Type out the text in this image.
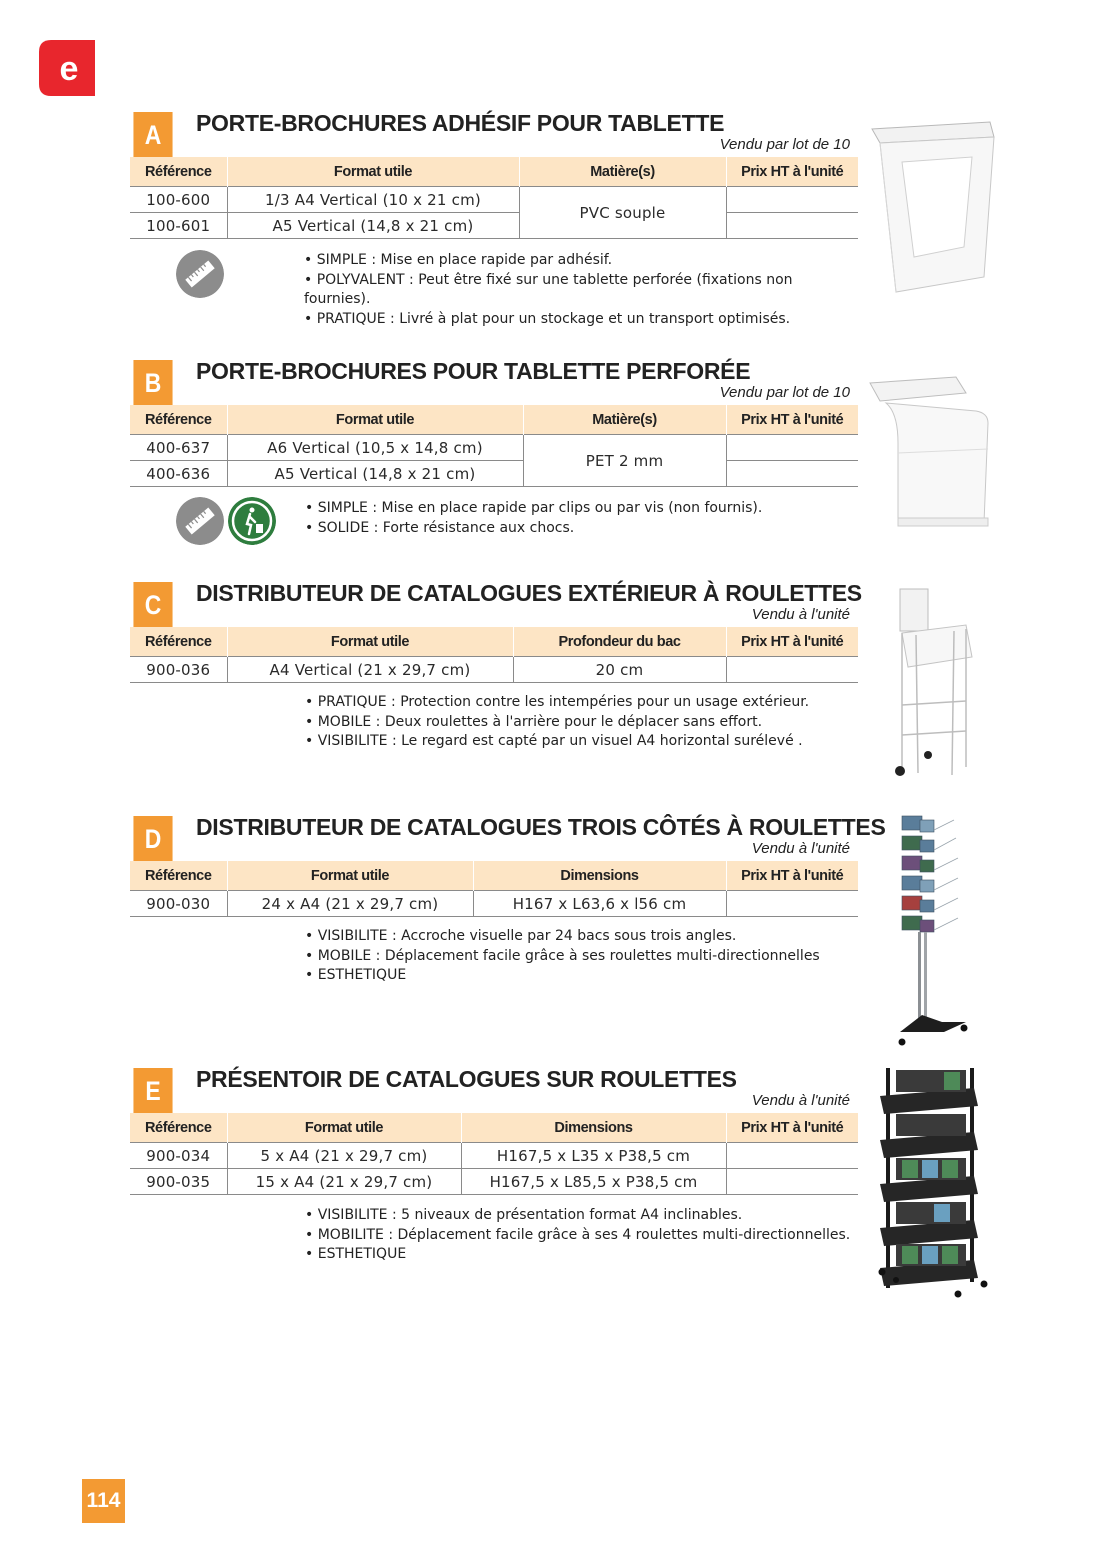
e
A	PORTE-BROCHURES ADHÉSIF POUR TABLETTE
Vendu par lot de 10
Référence	Format utile	Matière(s)	Prix HT à l'unité
100-600	1/3 A4 Vertical (10 x 21 cm)	PVC souple	
100-601	A5 Vertical (14,8 x 21 cm)		
• SIMPLE : Mise en place rapide par adhésif.
• POLYVALENT : Peut être fixé sur une tablette perforée (fixations non fournies).
• PRATIQUE : Livré à plat pour un stockage et un transport optimisés.
B	PORTE-BROCHURES POUR TABLETTE PERFORÉE
Vendu par lot de 10
Référence	Format utile	Matière(s)	Prix HT à l'unité
400-637	A6 Vertical (10,5 x 14,8 cm)	PET 2 mm	
400-636	A5 Vertical (14,8 x 21 cm)		
• SIMPLE : Mise en place rapide par clips ou par vis (non fournis).
• SOLIDE : Forte résistance aux chocs.
C	DISTRIBUTEUR DE CATALOGUES EXTÉRIEUR À ROULETTES
Vendu à l'unité
Référence	Format utile	Profondeur du bac	Prix HT à l'unité
900-036	A4 Vertical (21 x 29,7 cm)	20 cm	
• PRATIQUE : Protection contre les intempéries pour un usage extérieur.
• MOBILE : Deux roulettes à l'arrière pour le déplacer sans effort.
• VISIBILITE : Le regard est capté par un visuel A4 horizontal surélevé .
D	DISTRIBUTEUR DE CATALOGUES TROIS CÔTÉS À ROULETTES
Vendu à l'unité
Référence	Format utile	Dimensions	Prix HT à l'unité
900-030	24 x A4 (21 x 29,7 cm)	H167 x L63,6 x l56 cm	
• VISIBILITE : Accroche visuelle par 24 bacs sous trois angles.
• MOBILE : Déplacement facile grâce à ses roulettes multi-directionnelles
• ESTHETIQUE
E	PRÉSENTOIR DE CATALOGUES SUR ROULETTES
Vendu à l'unité
Référence	Format utile	Dimensions	Prix HT à l'unité
900-034	5 x A4 (21 x 29,7 cm)	H167,5 x L35 x P38,5 cm	
900-035	15 x A4 (21 x 29,7 cm)	H167,5 x L85,5 x P38,5 cm	
• VISIBILITE : 5 niveaux de présentation format A4 inclinables.
• MOBILITE : Déplacement facile grâce à ses 4 roulettes multi-directionnelles.
• ESTHETIQUE
114
